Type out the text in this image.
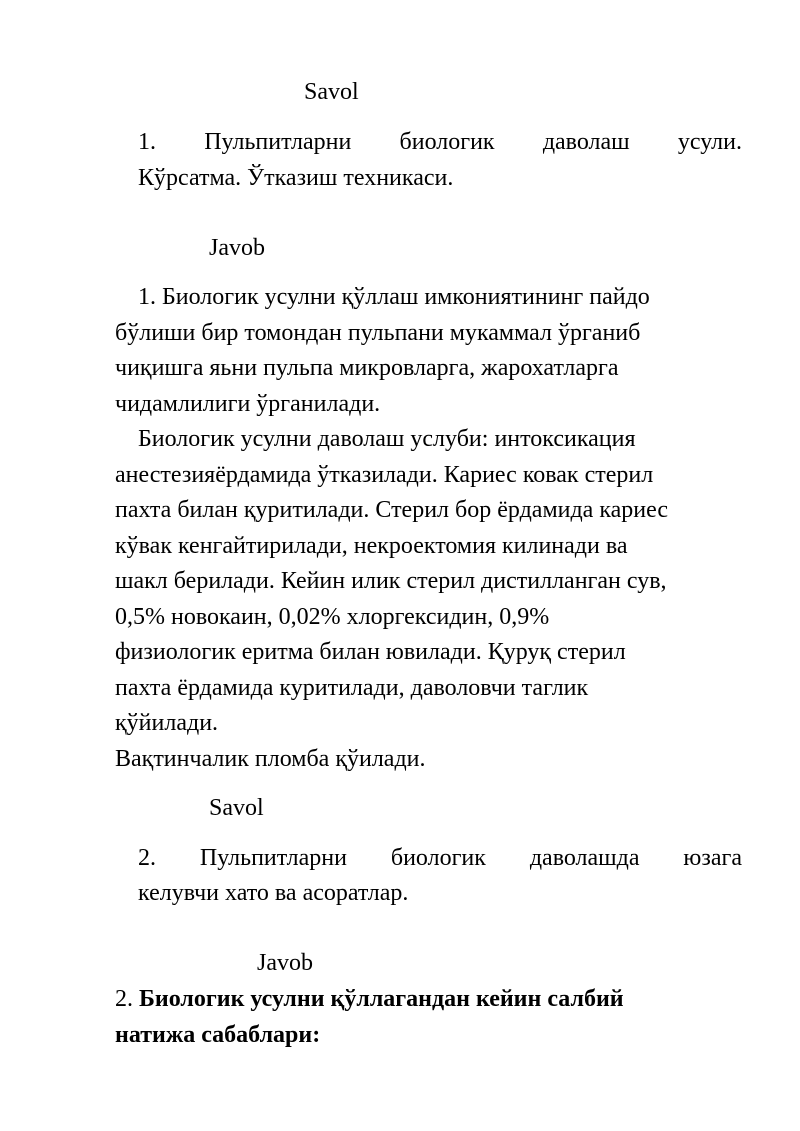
Savol
1. Пульпитларни биологик даволаш усули.
Кўрсатма. Ўтказиш техникаси.
Javob
1. Биологик усулни қўллаш имкониятининг пайдо
бўлиши бир томондан пульпани мукаммал ўрганиб
чиқишга яьни пульпа микровларга, жарохатларга
чидамлилиги ўрганилади.
Биологик усулни даволаш услуби: интоксикация
анестезияёрдамида ўтказилади. Кариес ковак стерил
пахта билан қуритилади. Стерил бор ёрдамида кариес
кўвак кенгайтирилади, некроектомия килинади ва
шакл берилади. Кейин илик стерил дистилланган сув,
0,5% новокаин, 0,02% хлоргексидин, 0,9%
физиологик еритма билан ювилади. Қуруқ стерил
пахта ёрдамида куритилади, даволовчи таглик
қўйилади.
Вақтинчалик пломба қўилади.
Savol
2. Пульпитларни биологик даволашда юзага
келувчи хато ва асоратлар.
Javob
2. Биологик усулни қўллагандан кейин салбий
натижа сабаблари:
